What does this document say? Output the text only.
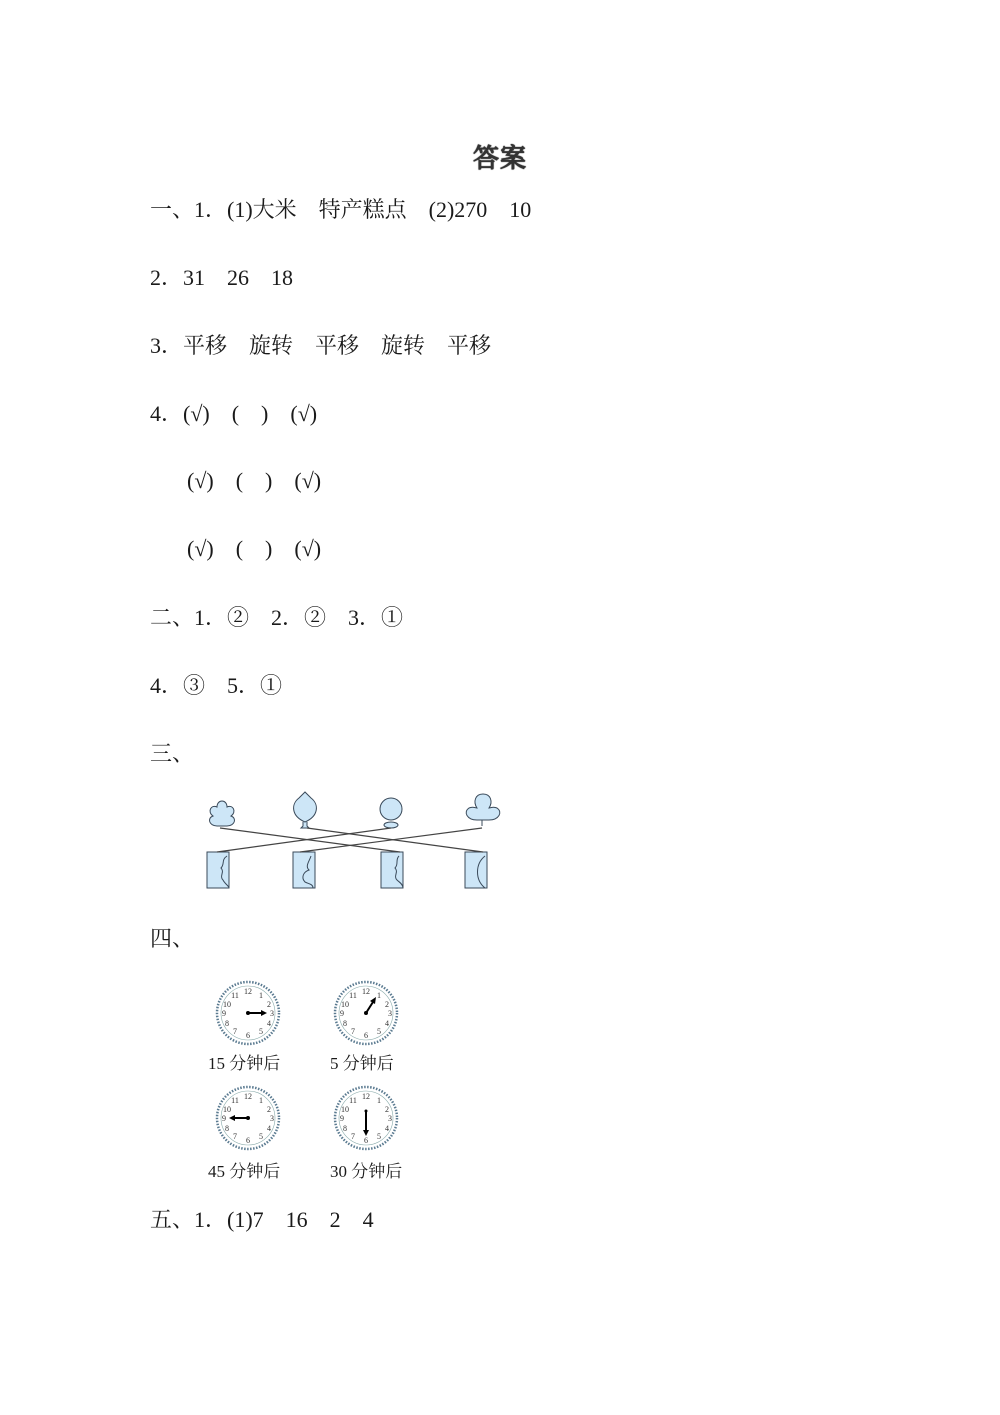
答案
一、1．(1)大米　特产糕点　(2)270　10
2．31　26　18
3．平移　旋转　平移　旋转　平移
4．(√)　(　)　(√)
(√)　(　)　(√)
(√)　(　)　(√)
二、1．②　2．②　3．①
4．③　5．①
三、
四、
12 1
2
3
4
5
6
7
8
9
10
11
15 分钟后
12 1
2
3
4
5
6
7
8
9
10
11
5 分钟后
12 1
2
3
4
5
6
7
8
9
10
11
45 分钟后
12 1
2
3
4
5
6
7
8
9
10
11
30 分钟后
五、1．(1)7　16　2　4
